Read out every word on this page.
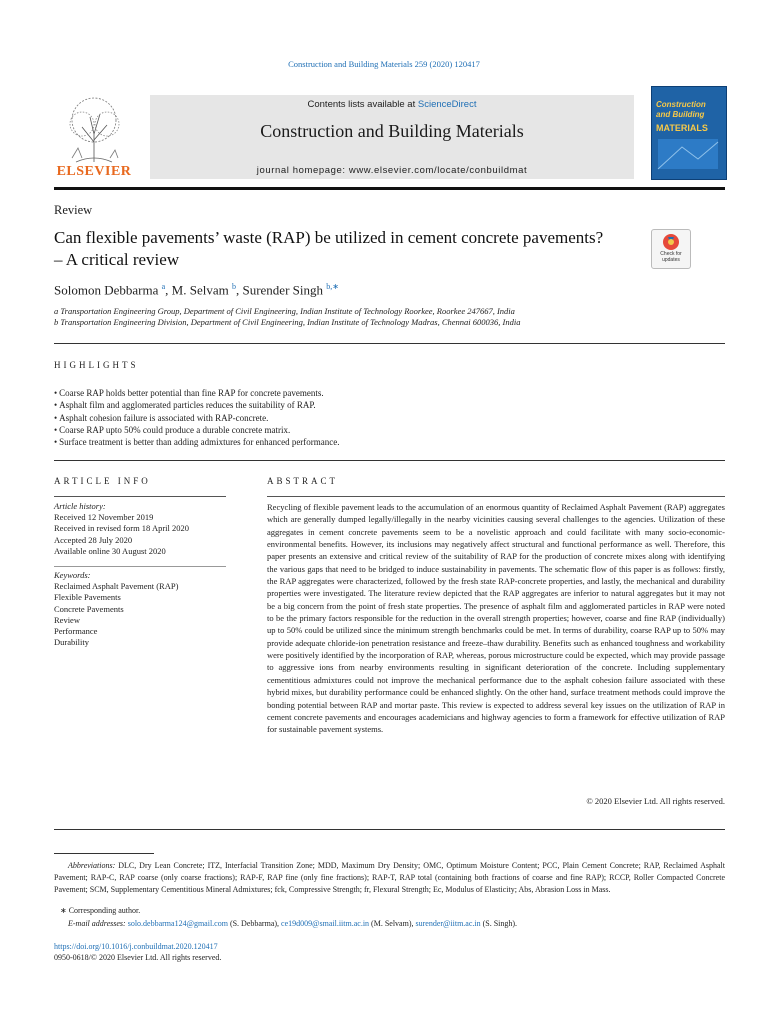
Construction and Building Materials 259 (2020) 120417
ELSEVIER
Contents lists available at ScienceDirect
Construction and Building Materials
journal homepage: www.elsevier.com/locate/conbuildmat
Construction
and Building
MATERIALS
Review
Can flexible pavements’ waste (RAP) be utilized in cement concrete pavements? – A critical review	Check for
updates
Solomon Debbarma $^a$, M. Selvam $^b$, Surender Singh $^{b,∗}$
a Transportation Engineering Group, Department of Civil Engineering, Indian Institute of Technology Roorkee, Roorkee 247667, India
b Transportation Engineering Division, Department of Civil Engineering, Indian Institute of Technology Madras, Chennai 600036, India
HIGHLIGHTS
• Coarse RAP holds better potential than fine RAP for concrete pavements.
• Asphalt film and agglomerated particles reduces the suitability of RAP.
• Asphalt cohesion failure is associated with RAP-concrete.
• Coarse RAP upto 50% could produce a durable concrete matrix.
• Surface treatment is better than adding admixtures for enhanced performance.
ARTICLE INFO	ABSTRACT
Article history:
Received 12 November 2019
Received in revised form 18 April 2020
Accepted 28 July 2020
Available online 30 August 2020
Keywords:
Reclaimed Asphalt Pavement (RAP)
Flexible Pavements
Concrete Pavements
Review
Performance
Durability

Recycling of flexible pavement leads to the accumulation of an enormous quantity of Reclaimed Asphalt Pavement (RAP) aggregates which are generally dumped legally/illegally in the nearby vicinities causing several challenges to the agencies. Utilization of these aggregates in cement concrete pavements seem to be a novelistic approach and could facilitate with many socio-economic-environmental benefits. However, its inclusions may negatively affect structural and functional performance as well. Therefore, this paper presents an extensive and critical review of the suitability of RAP for the production of concrete mixes along with identifying the various gaps that need to be bridged to induce sustainability in pavements. The schematic flow of this paper is as follows: firstly, the RAP aggregates were characterized, followed by the fresh state RAP-concrete properties, and lastly, the mechanical and durability properties were investigated. The literature review depicted that the RAP aggregates are inferior to natural aggregates but it may not be a big concern from the point of fresh state properties. The presence of asphalt film and agglomerated particles in RAP were noted to be the primary factors responsible for the reduction in the overall strength properties; however, coarse and fine RAP (individually) up to 50% could be utilized since the minimum strength benchmarks could be met. In terms of durability, coarse RAP up to 50% may provide adequate chloride-ion penetration resistance and freeze–thaw durability. Benefits such as enhanced toughness and workability were positively identified by the incorporation of RAP, whereas, porous microstructure could be expected, which may provide passage to aggressive ions from nearby environments resulting in significant deterioration of the concrete. Including supplementary cementitious admixtures could not improve the mechanical performance due to the asphalt cohesion failure associated with these hybrid mixes, but durability performance could be enhanced slightly. On the other hand, surface treatment methods could improve the bonding potential between RAP and mortar paste. This review is expected to address several key issues on the utilization of RAP in cement concrete pavements and encourages academicians and highway agencies to form a framework for effective utilization of RAP for sustainable pavement systems.

© 2020 Elsevier Ltd. All rights reserved.

Abbreviations: DLC, Dry Lean Concrete; ITZ, Interfacial Transition Zone; MDD, Maximum Dry Density; OMC, Optimum Moisture Content; PCC, Plain Cement Concrete; RAP, Reclaimed Asphalt Pavement; RAP-C, RAP coarse (only coarse fractions); RAP-F, RAP fine (only fine fractions); RAP-T, RAP total (containing both fractions of coarse and fine RAP); RCCP, Roller Compacted Concrete Pavement; SCM, Supplementary Cementitious Mineral Admixtures; fck, Compressive Strength; fr, Flexural Strength; Ec, Modulus of Elasticity; Abs, Abrasion Loss in Mass.

∗ Corresponding author.
E-mail addresses: solo.debbarma124@gmail.com (S. Debbarma), ce19d009@smail.iitm.ac.in (M. Selvam), surender@iitm.ac.in (S. Singh).
https://doi.org/10.1016/j.conbuildmat.2020.120417
0950-0618/© 2020 Elsevier Ltd. All rights reserved.
